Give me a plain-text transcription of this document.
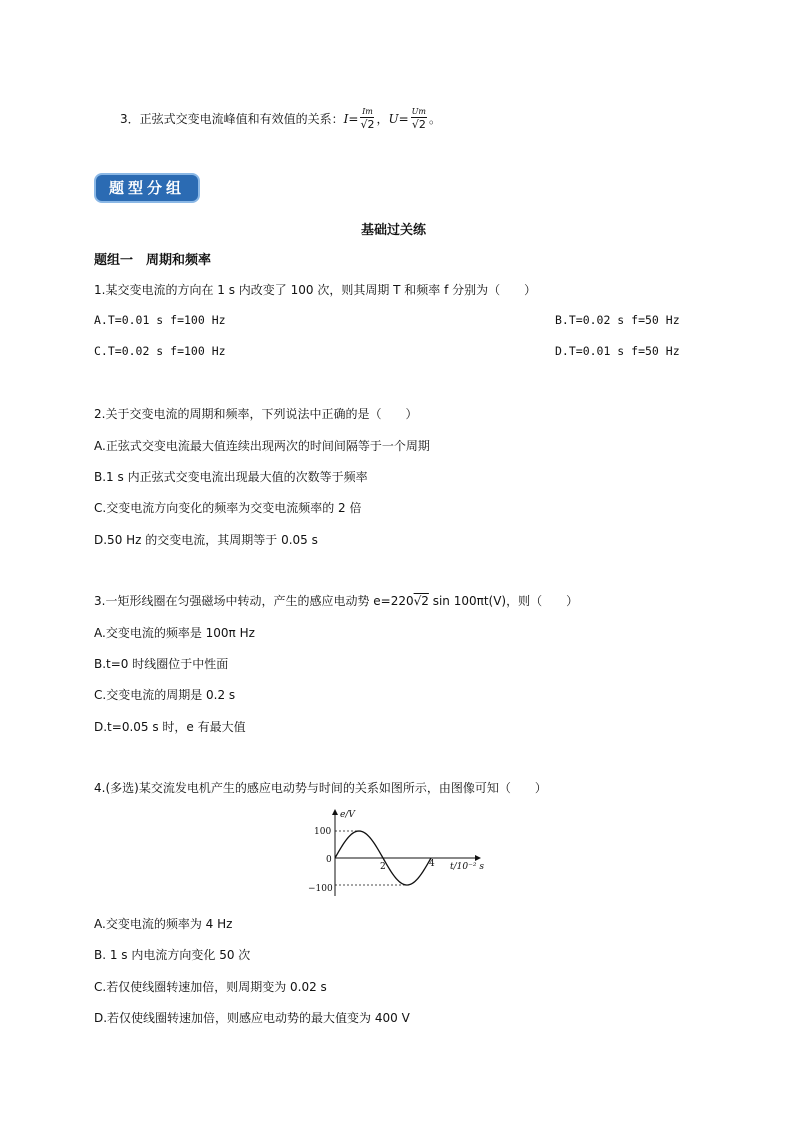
3．正弦式交变电流峰值和有效值的关系：$I= \frac{Im}{√2}$ ，$U= \frac{Um}{√2}$ 。
题型分组
基础过关练
题组一　周期和频率
1.某交变电流的方向在 1 s 内改变了 100 次，则其周期 T 和频率 f 分别为（　　）
A.T=0.01 s f=100 Hz	B.T=0.02 s f=50 Hz
C.T=0.02 s f=100 Hz	D.T=0.01 s f=50 Hz
2.关于交变电流的周期和频率，下列说法中正确的是（　　）
A.正弦式交变电流最大值连续出现两次的时间间隔等于一个周期
B.1 s 内正弦式交变电流出现最大值的次数等于频率
C.交变电流方向变化的频率为交变电流频率的 2 倍
D.50 Hz 的交变电流，其周期等于 0.05 s
3.一矩形线圈在匀强磁场中转动，产生的感应电动势 e=220√2 sin 100πt(V)，则（　　）
A.交变电流的频率是 100π Hz
B.t=0 时线圈位于中性面
C.交变电流的周期是 0.2 s
D.t=0.05 s 时，e 有最大值
4.(多选)某交流发电机产生的感应电动势与时间的关系如图所示，由图像可知（　　）
e/V
t/10⁻² s
0
100
−100
2	4
A.交变电流的频率为 4 Hz
B. 1 s 内电流方向变化 50 次
C.若仅使线圈转速加倍，则周期变为 0.02 s
D.若仅使线圈转速加倍，则感应电动势的最大值变为 400 V
